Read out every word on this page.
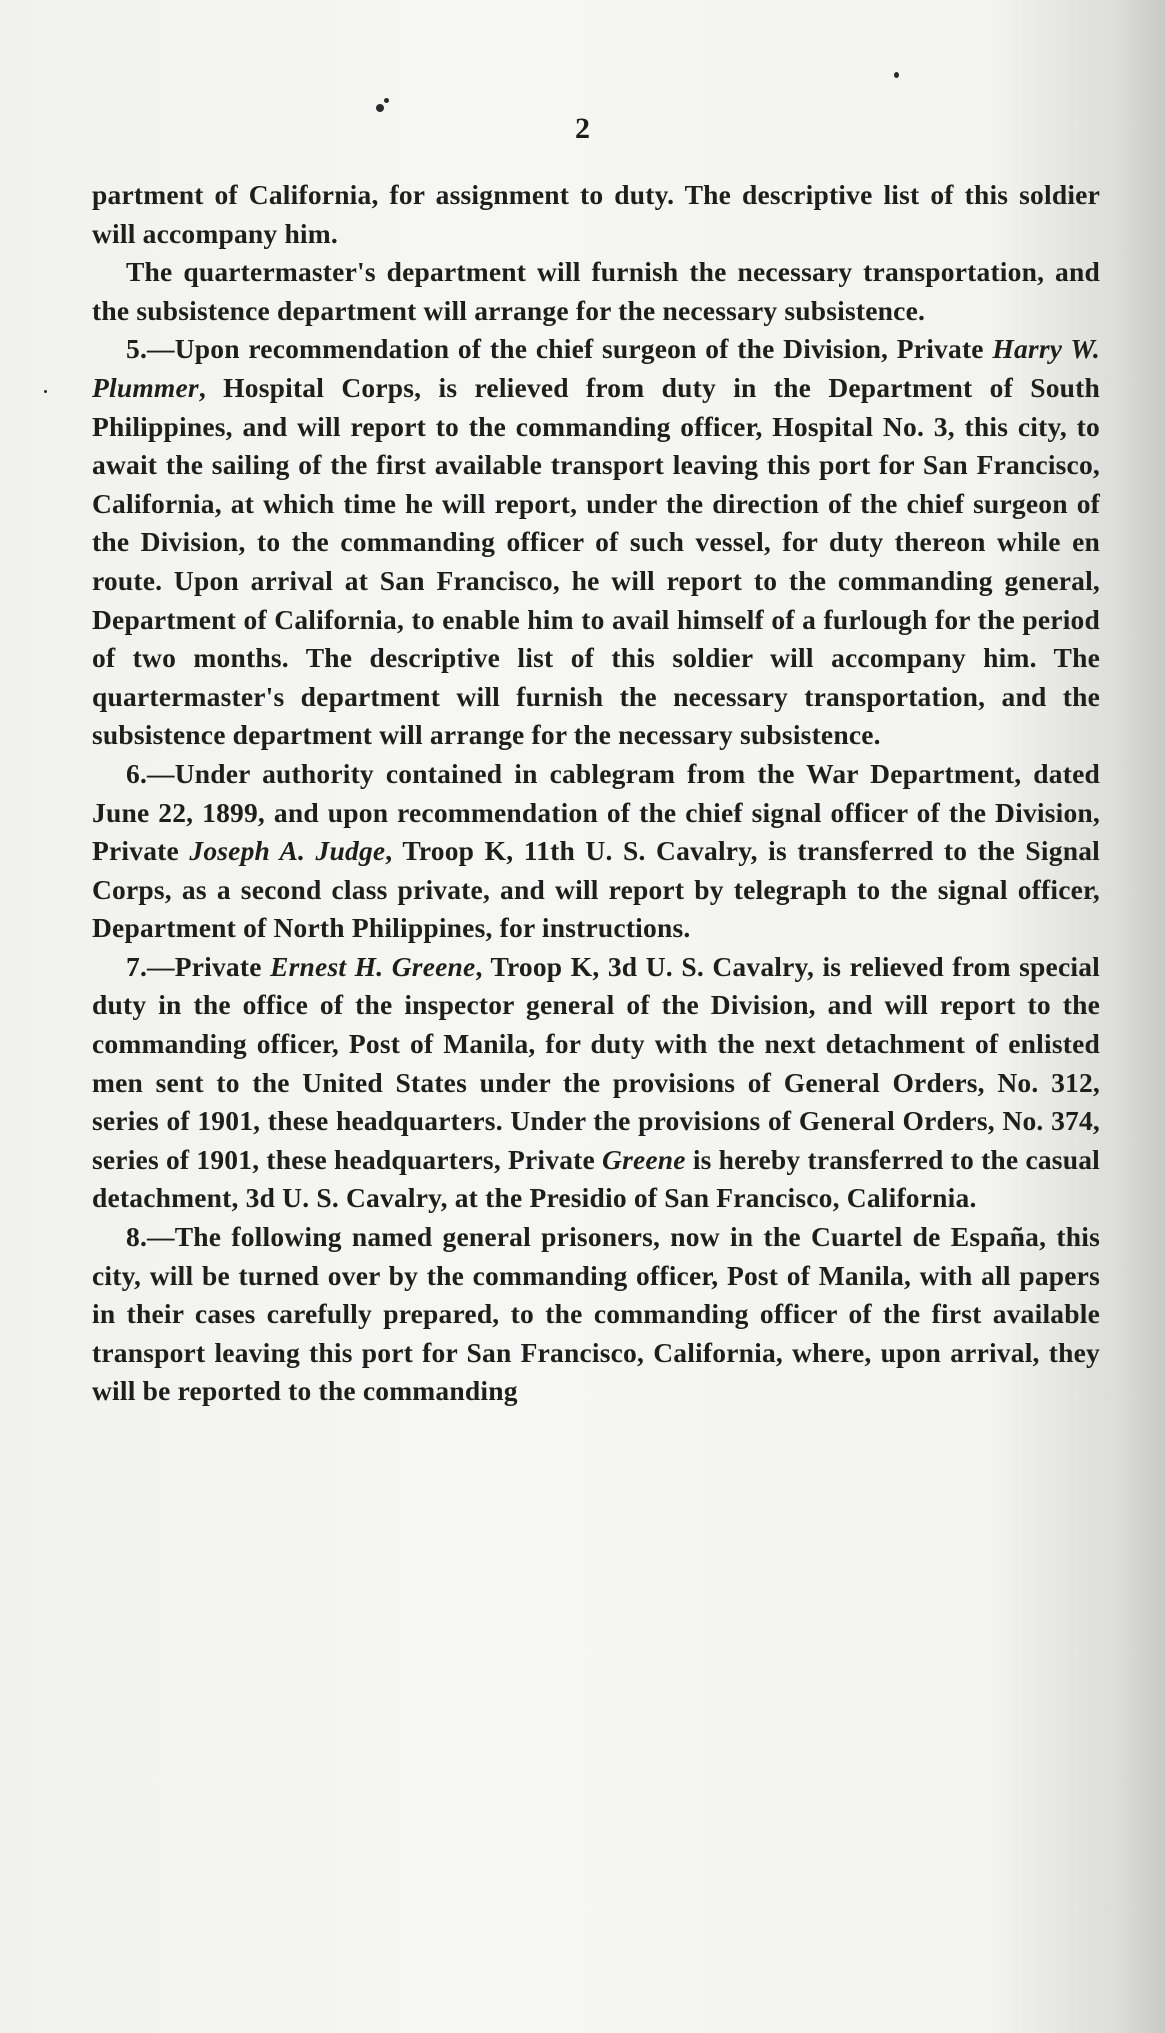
2

partment of California, for assignment to duty. The descriptive list of this soldier will accompany him.

The quartermaster's department will furnish the necessary transportation, and the subsistence department will arrange for the necessary subsistence.

5.—Upon recommendation of the chief surgeon of the Division, Private Harry W. Plummer, Hospital Corps, is relieved from duty in the Department of South Philippines, and will report to the commanding officer, Hospital No. 3, this city, to await the sailing of the first available transport leaving this port for San Francisco, California, at which time he will report, under the direction of the chief surgeon of the Division, to the commanding officer of such vessel, for duty thereon while en route. Upon arrival at San Francisco, he will report to the commanding general, Department of California, to enable him to avail himself of a furlough for the period of two months. The descriptive list of this soldier will accompany him. The quartermaster's department will furnish the necessary transportation, and the subsistence department will arrange for the necessary subsistence.

6.—Under authority contained in cablegram from the War Department, dated June 22, 1899, and upon recommendation of the chief signal officer of the Division, Private Joseph A. Judge, Troop K, 11th U. S. Cavalry, is transferred to the Signal Corps, as a second class private, and will report by telegraph to the signal officer, Department of North Philippines, for instructions.

7.—Private Ernest H. Greene, Troop K, 3d U. S. Cavalry, is relieved from special duty in the office of the inspector general of the Division, and will report to the commanding officer, Post of Manila, for duty with the next detachment of enlisted men sent to the United States under the provisions of General Orders, No. 312, series of 1901, these headquarters. Under the provisions of General Orders, No. 374, series of 1901, these headquarters, Private Greene is hereby transferred to the casual detachment, 3d U. S. Cavalry, at the Presidio of San Francisco, California.

8.—The following named general prisoners, now in the Cuartel de España, this city, will be turned over by the commanding officer, Post of Manila, with all papers in their cases carefully prepared, to the commanding officer of the first available transport leaving this port for San Francisco, California, where, upon arrival, they will be reported to the commanding
